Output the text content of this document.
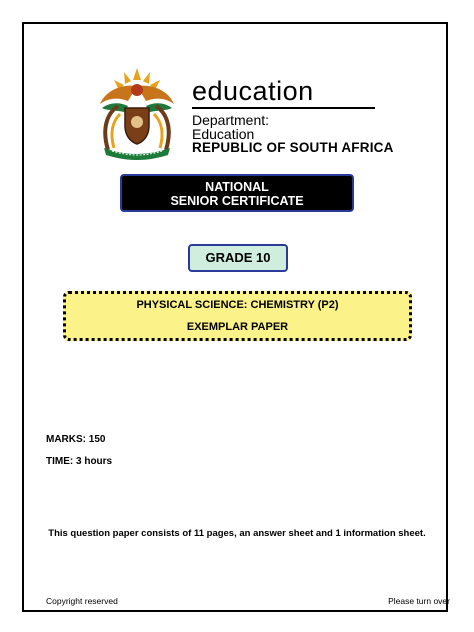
education
Department:
Education
REPUBLIC OF SOUTH AFRICA
NATIONAL
SENIOR CERTIFICATE
GRADE 10
PHYSICAL SCIENCE: CHEMISTRY (P2)
EXEMPLAR PAPER
MARKS: 150
TIME: 3 hours
This question paper consists of 11 pages, an answer sheet and 1 information sheet.
Copyright reserved	Please turn over
